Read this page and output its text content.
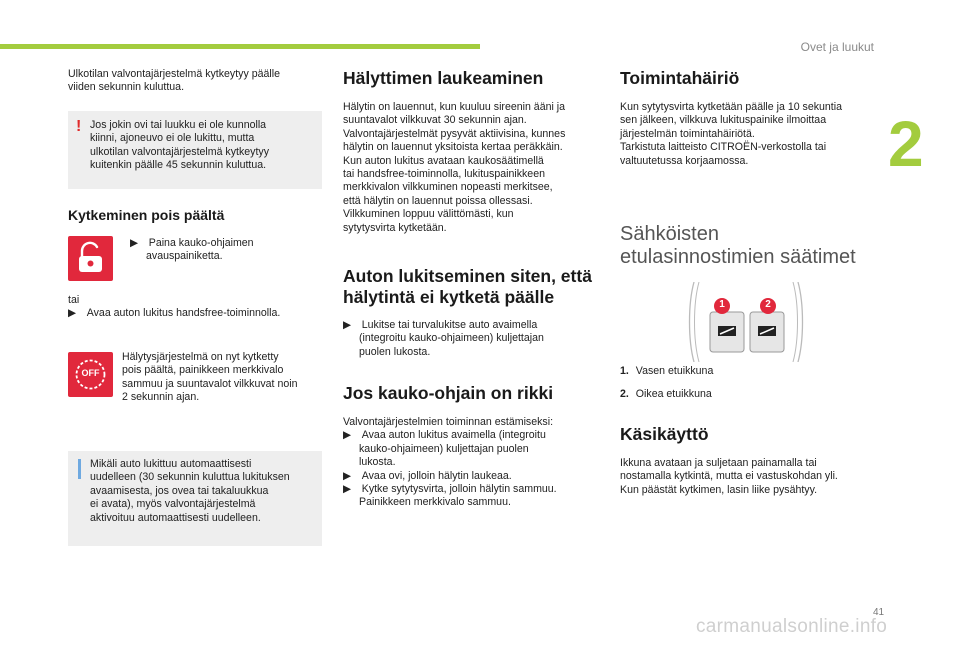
Ovet ja luukut
2
Ulkotilan valvontajärjestelmä kytkeytyy päälle
viiden sekunnin kuluttua.
! Jos jokin ovi tai luukku ei ole kunnolla
kiinni, ajoneuvo ei ole lukittu, mutta
ulkotilan valvontajärjestelmä kytkeytyy
kuitenkin päälle 45 sekunnin kuluttua.
Kytkeminen pois päältä
▶ Paina kauko-ohjaimen
avauspainiketta.
tai
▶ Avaa auton lukitus handsfree-toiminnolla.
OFF
Hälytysjärjestelmä on nyt kytketty
pois päältä, painikkeen merkkivalo
sammuu ja suuntavalot vilkkuvat noin
2 sekunnin ajan.
Mikäli auto lukittuu automaattisesti
uudelleen (30 sekunnin kuluttua lukituksen
avaamisesta, jos ovea tai takaluukkua
ei avata), myös valvontajärjestelmä
aktivoituu automaattisesti uudelleen.
Hälyttimen laukeaminen
Hälytin on lauennut, kun kuuluu sireenin ääni ja
suuntavalot vilkkuvat 30 sekunnin ajan.
Valvontajärjestelmät pysyvät aktiivisina, kunnes
hälytin on lauennut yksitoista kertaa peräkkäin.
Kun auton lukitus avataan kaukosäätimellä
tai handsfree-toiminnolla, lukituspainikkeen
merkkivalon vilkkuminen nopeasti merkitsee,
että hälytin on lauennut poissa ollessasi.
Vilkkuminen loppuu välittömästi, kun
sytytysvirta kytketään.
Auton lukitseminen siten, että
hälytintä ei kytketä päälle
▶ Lukitse tai turvalukitse auto avaimella
(integroitu kauko-ohjaimeen) kuljettajan
puolen lukosta.
Jos kauko-ohjain on rikki
Valvontajärjestelmien toiminnan estämiseksi:
▶ Avaa auton lukitus avaimella (integroitu
kauko-ohjaimeen) kuljettajan puolen
lukosta.
▶ Avaa ovi, jolloin hälytin laukeaa.
▶ Kytke sytytysvirta, jolloin hälytin sammuu.
Painikkeen merkkivalo sammuu.
Toimintahäiriö
Kun sytytysvirta kytketään päälle ja 10 sekuntia
sen jälkeen, vilkkuva lukituspainike ilmoittaa
järjestelmän toimintahäiriötä.
Tarkistuta laitteisto CITROËN-verkostolla tai
valtuutetussa korjaamossa.
Sähköisten
etulasinnostimien säätimet
1	2
1. Vasen etuikkuna
2. Oikea etuikkuna
Käsikäyttö
Ikkuna avataan ja suljetaan painamalla tai
nostamalla kytkintä, mutta ei vastuskohdan yli.
Kun päästät kytkimen, lasin liike pysähtyy.
41
carmanualsonline.info
